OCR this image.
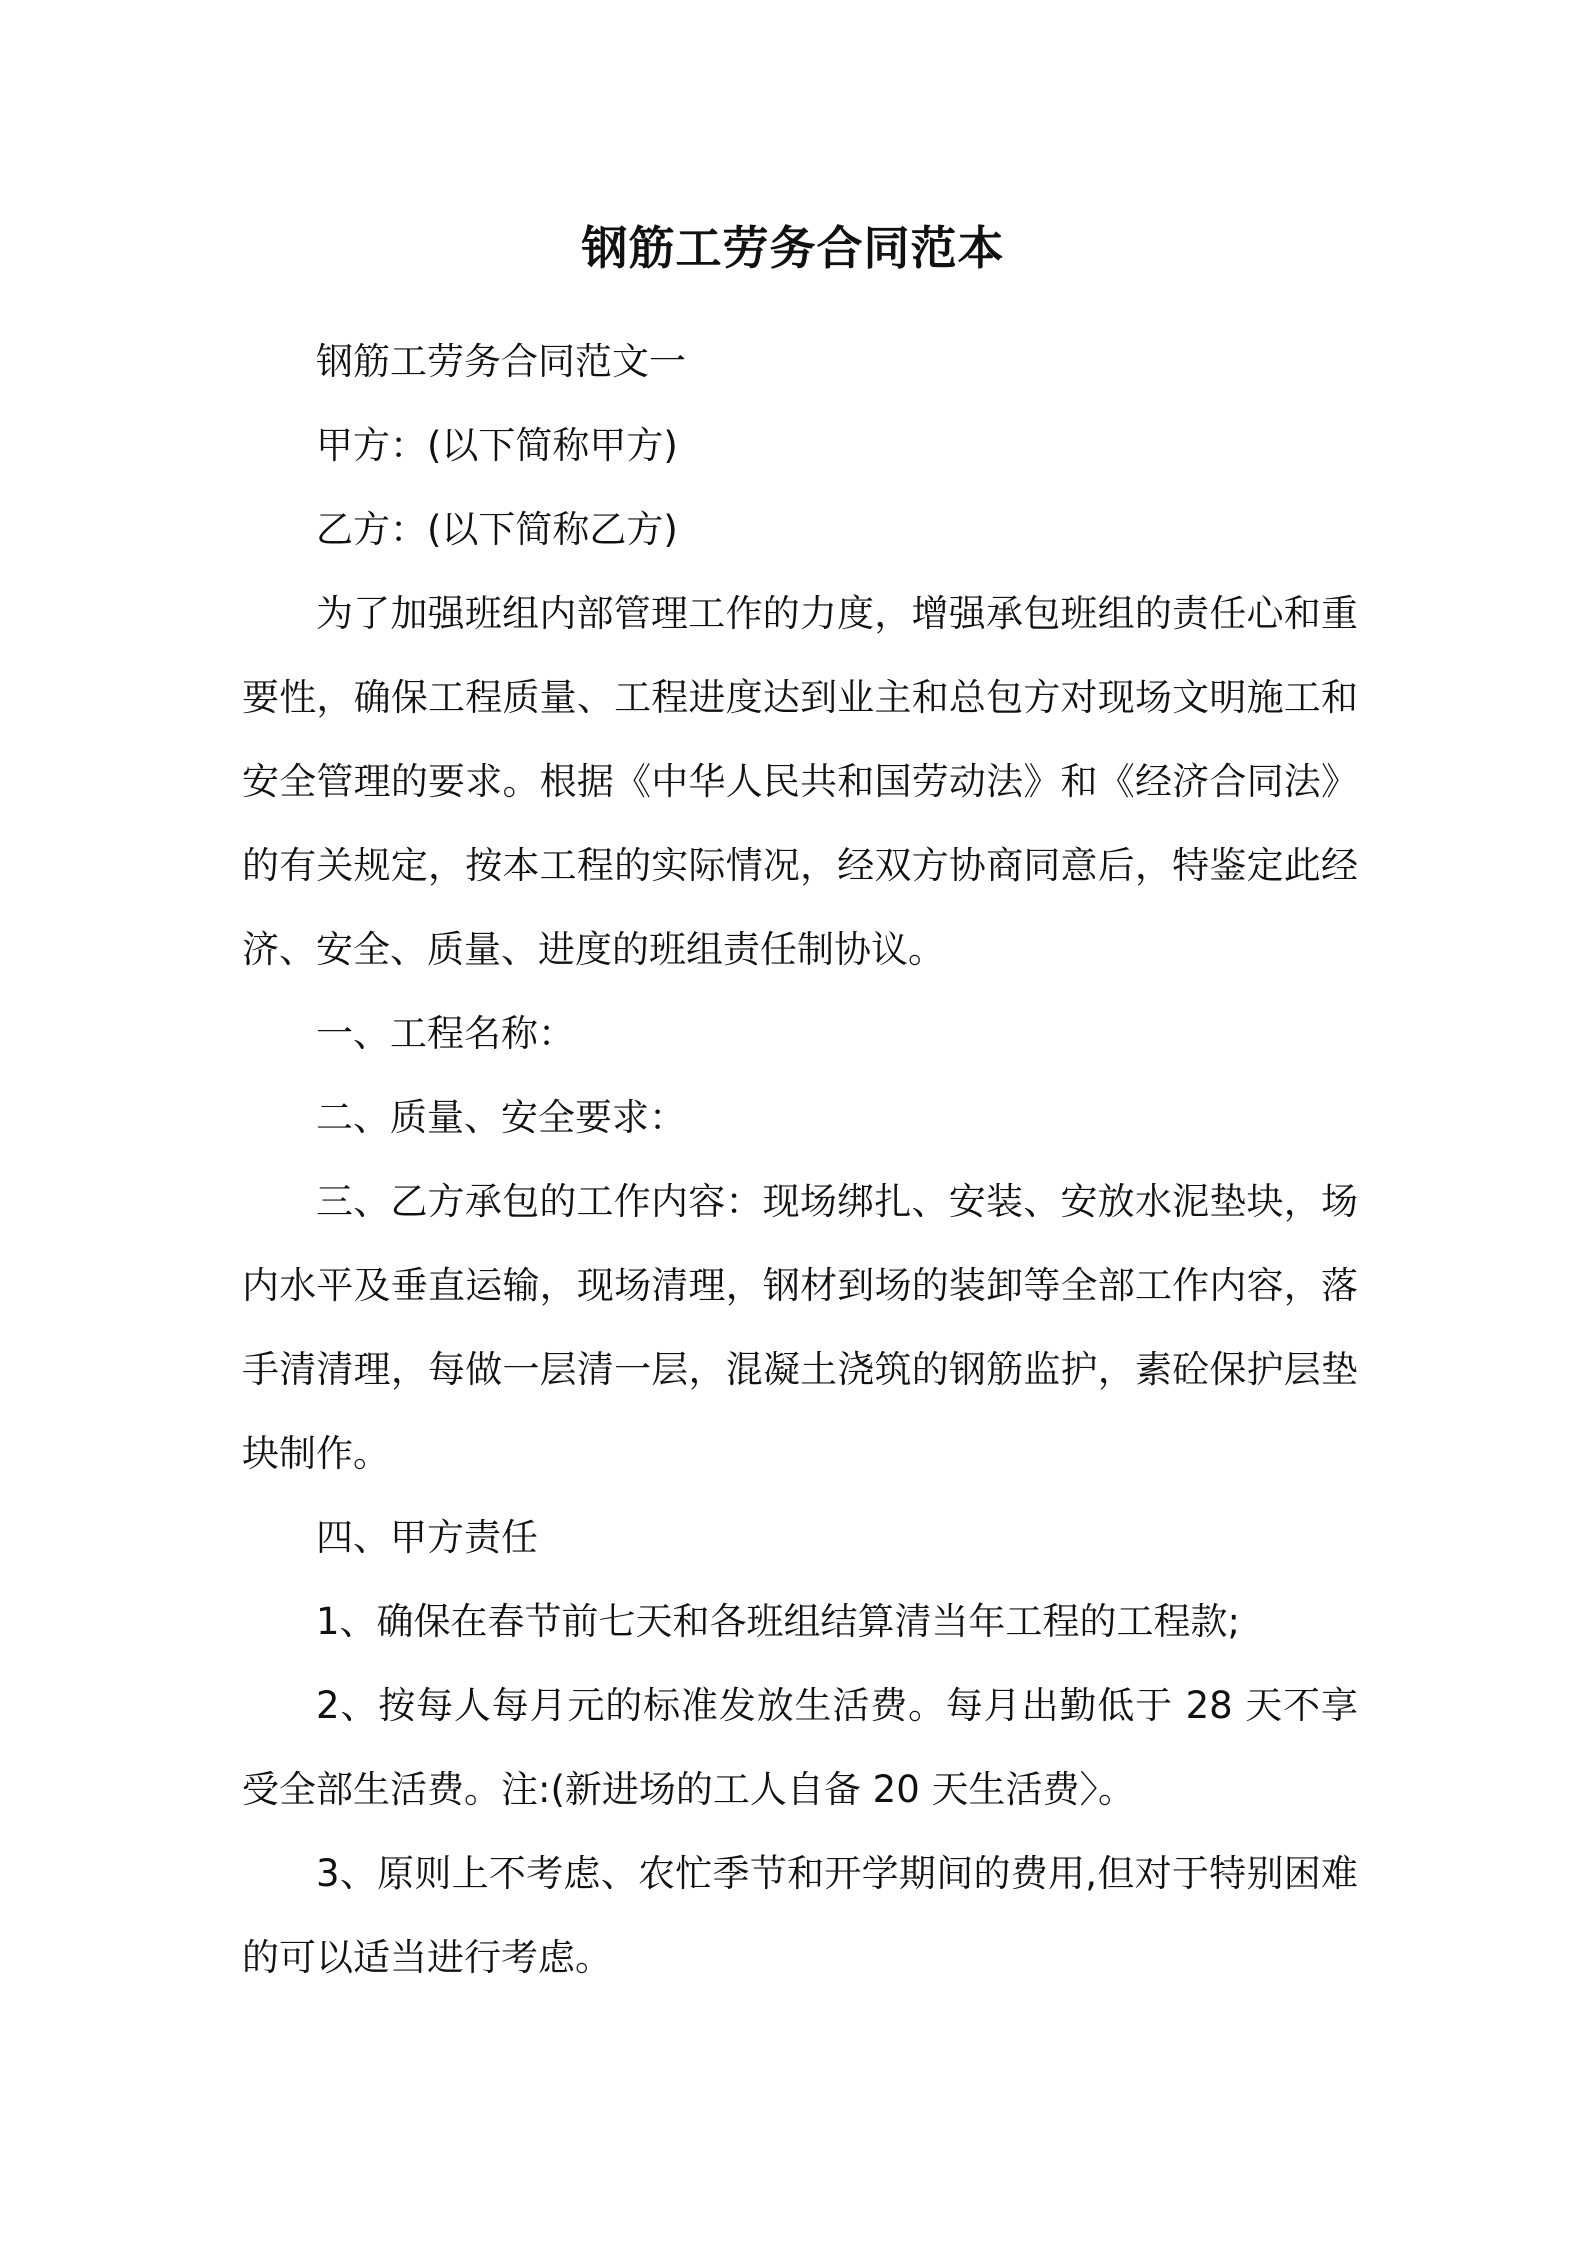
钢筋工劳务合同范本

钢筋工劳务合同范文一

甲方：(以下简称甲方)

乙方：(以下简称乙方)

为了加强班组内部管理工作的力度，增强承包班组的责任心和重要性，确保工程质量、工程进度达到业主和总包方对现场文明施工和安全管理的要求。根据《中华人民共和国劳动法》和《经济合同法》的有关规定，按本工程的实际情况，经双方协商同意后，特鉴定此经济、安全、质量、进度的班组责任制协议。

一、工程名称：

二、质量、安全要求：

三、乙方承包的工作内容：现场绑扎、安装、安放水泥垫块，场内水平及垂直运输，现场清理，钢材到场的装卸等全部工作内容，落手清清理，每做一层清一层，混凝土浇筑的钢筋监护，素砼保护层垫块制作。

四、甲方责任

1、确保在春节前七天和各班组结算清当年工程的工程款;

2、按每人每月元的标准发放生活费。每月出勤低于 28 天不享受全部生活费。注:(新进场的工人自备 20 天生活费〉。

3、原则上不考虑、农忙季节和开学期间的费用,但对于特别困难的可以适当进行考虑。
